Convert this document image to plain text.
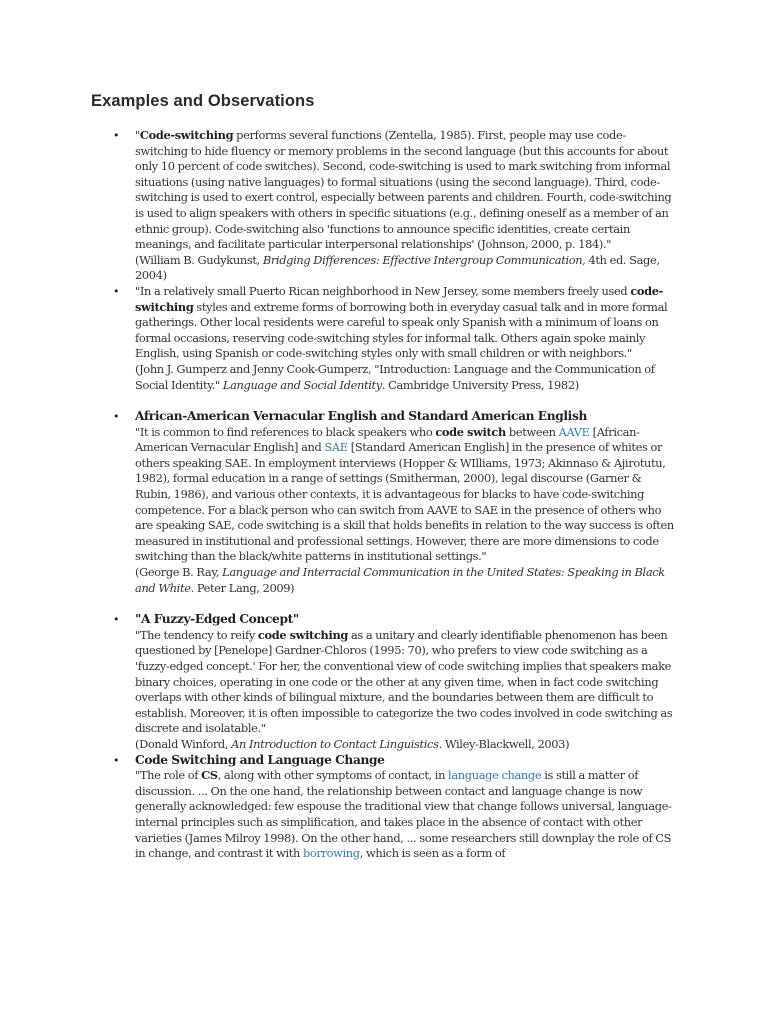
Examples and Observations
• "Code-switching performs several functions (Zentella, 1985). First, people may use code-switching to hide fluency or memory problems in the second language (but this accounts for about only 10 percent of code switches). Second, code-switching is used to mark switching from informal situations (using native languages) to formal situations (using the second language). Third, code-switching is used to exert control, especially between parents and children. Fourth, code-switching is used to align speakers with others in specific situations (e.g., defining oneself as a member of an ethnic group). Code-switching also 'functions to announce specific identities, create certain meanings, and facilitate particular interpersonal relationships' (Johnson, 2000, p. 184)."
(William B. Gudykunst, Bridging Differences: Effective Intergroup Communication, 4th ed. Sage, 2004)
• "In a relatively small Puerto Rican neighborhood in New Jersey, some members freely used code-switching styles and extreme forms of borrowing both in everyday casual talk and in more formal gatherings. Other local residents were careful to speak only Spanish with a minimum of loans on formal occasions, reserving code-switching styles for informal talk. Others again spoke mainly English, using Spanish or code-switching styles only with small children or with neighbors."
(John J. Gumperz and Jenny Cook-Gumperz, "Introduction: Language and the Communication of Social Identity." Language and Social Identity. Cambridge University Press, 1982)
• African-American Vernacular English and Standard American English
"It is common to find references to black speakers who code switch between AAVE [African-American Vernacular English] and SAE [Standard American English] in the presence of whites or others speaking SAE. In employment interviews (Hopper & WIlliams, 1973; Akinnaso & Ajirotutu, 1982), formal education in a range of settings (Smitherman, 2000), legal discourse (Garner & Rubin, 1986), and various other contexts, it is advantageous for blacks to have code-switching competence. For a black person who can switch from AAVE to SAE in the presence of others who are speaking SAE, code switching is a skill that holds benefits in relation to the way success is often measured in institutional and professional settings. However, there are more dimensions to code switching than the black/white patterns in institutional settings."
(George B. Ray, Language and Interracial Communication in the United States: Speaking in Black and White. Peter Lang, 2009)
• "A Fuzzy-Edged Concept"
"The tendency to reify code switching as a unitary and clearly identifiable phenomenon has been questioned by [Penelope] Gardner-Chloros (1995: 70), who prefers to view code switching as a 'fuzzy-edged concept.' For her, the conventional view of code switching implies that speakers make binary choices, operating in one code or the other at any given time, when in fact code switching overlaps with other kinds of bilingual mixture, and the boundaries between them are difficult to establish. Moreover, it is often impossible to categorize the two codes involved in code switching as discrete and isolatable."
(Donald Winford, An Introduction to Contact Linguistics. Wiley-Blackwell, 2003)
• Code Switching and Language Change
"The role of CS, along with other symptoms of contact, in language change is still a matter of discussion. ... On the one hand, the relationship between contact and language change is now generally acknowledged: few espouse the traditional view that change follows universal, language-internal principles such as simplification, and takes place in the absence of contact with other varieties (James Milroy 1998). On the other hand, ... some researchers still downplay the role of CS in change, and contrast it with borrowing, which is seen as a form of
